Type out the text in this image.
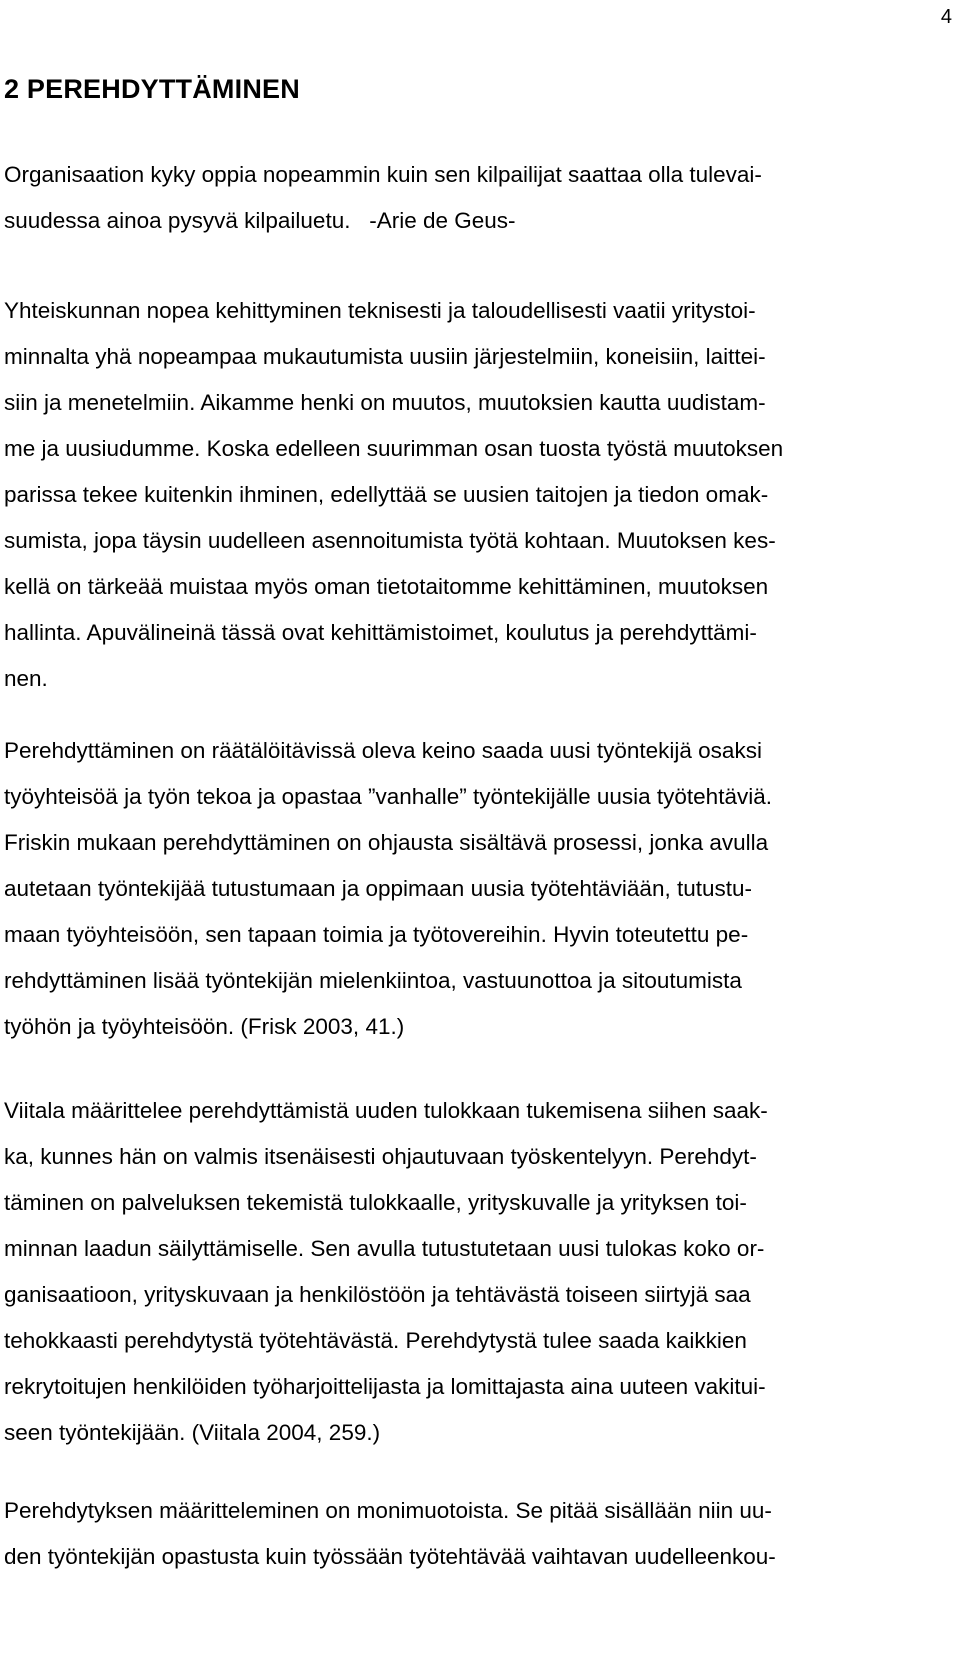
4
2 PEREHDYTTÄMINEN
Organisaation kyky oppia nopeammin kuin sen kilpailijat saattaa olla tulevai-
suudessa ainoa pysyvä kilpailuetu.   -Arie de Geus-
Yhteiskunnan nopea kehittyminen teknisesti ja taloudellisesti vaatii yritystoi-
minnalta yhä nopeampaa mukautumista uusiin järjestelmiin, koneisiin, laittei-
siin ja menetelmiin. Aikamme henki on muutos, muutoksien kautta uudistam-
me ja uusiudumme. Koska edelleen suurimman osan tuosta työstä muutoksen
parissa tekee kuitenkin ihminen, edellyttää se uusien taitojen ja tiedon omak-
sumista, jopa täysin uudelleen asennoitumista työtä kohtaan. Muutoksen kes-
kellä on tärkeää muistaa myös oman tietotaitomme kehittäminen, muutoksen
hallinta. Apuvälineinä tässä ovat kehittämistoimet, koulutus ja perehdyttämi-
nen.
Perehdyttäminen on räätälöitävissä oleva keino saada uusi työntekijä osaksi
työyhteisöä ja työn tekoa ja opastaa ”vanhalle” työntekijälle uusia työtehtäviä.
Friskin mukaan perehdyttäminen on ohjausta sisältävä prosessi, jonka avulla
autetaan työntekijää tutustumaan ja oppimaan uusia työtehtäviään, tutustu-
maan työyhteisöön, sen tapaan toimia ja työtovereihin. Hyvin toteutettu pe-
rehdyttäminen lisää työntekijän mielenkiintoa, vastuunottoa ja sitoutumista
työhön ja työyhteisöön. (Frisk 2003, 41.)
Viitala määrittelee perehdyttämistä uuden tulokkaan tukemisena siihen saak-
ka, kunnes hän on valmis itsenäisesti ohjautuvaan työskentelyyn. Perehdyt-
täminen on palveluksen tekemistä tulokkaalle, yrityskuvalle ja yrityksen toi-
minnan laadun säilyttämiselle. Sen avulla tutustutetaan uusi tulokas koko or-
ganisaatioon, yrityskuvaan ja henkilöstöön ja tehtävästä toiseen siirtyjä saa
tehokkaasti perehdytystä työtehtävästä. Perehdytystä tulee saada kaikkien
rekrytoitujen henkilöiden työharjoittelijasta ja lomittajasta aina uuteen vakitui-
seen työntekijään. (Viitala 2004, 259.)
Perehdytyksen määritteleminen on monimuotoista. Se pitää sisällään niin uu-
den työntekijän opastusta kuin työssään työtehtävää vaihtavan uudelleenkou-
